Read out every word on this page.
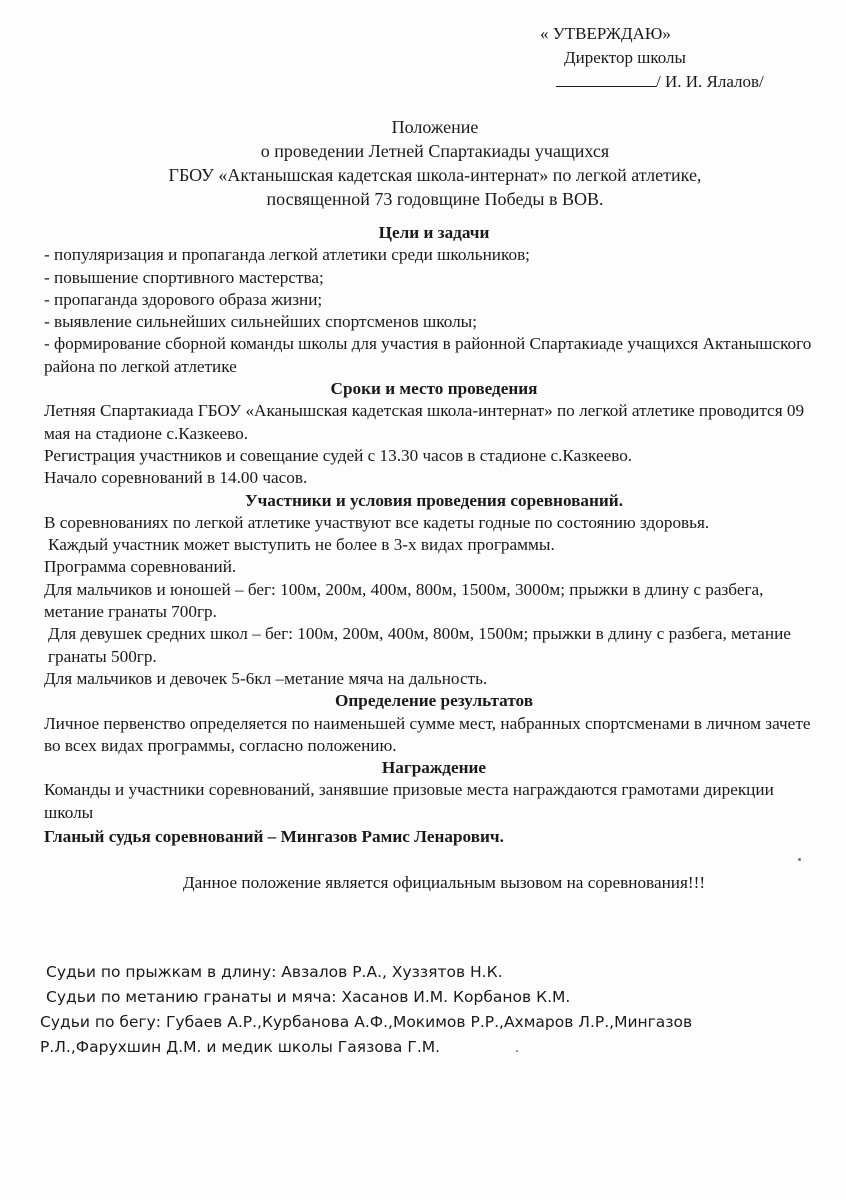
« УТВЕРЖДАЮ»
Директор школы
/ И. И. Ялалов/
Положение
о проведении Летней Спартакиады учащихся
ГБОУ «Актанышская кадетская школа-интернат» по легкой атлетике,
посвященной 73 годовщине Победы в ВОВ.
Цели и задачи
- популяризация и пропаганда легкой атлетики среди школьников;
- повышение спортивного мастерства;
- пропаганда здорового образа жизни;
- выявление сильнейших сильнейших спортсменов школы;
- формирование сборной команды школы для участия в районной Спартакиаде учащихся Актанышского района по легкой атлетике
Сроки и место проведения
Летняя Спартакиада ГБОУ «Аканышская кадетская школа-интернат» по легкой атлетике проводится 09 мая на стадионе с.Казкеево.
Регистрация участников и совещание судей с 13.30 часов в стадионе с.Казкеево.
Начало соревнований в 14.00 часов.
Участники и условия проведения соревнований.
В соревнованиях по легкой атлетике участвуют все кадеты годные по состоянию здоровья.
Каждый участник может выступить не более в 3-х видах программы.
Программа соревнований.
Для мальчиков и юношей – бег: 100м, 200м, 400м, 800м, 1500м, 3000м; прыжки в длину с разбега, метание гранаты 700гр.
Для девушек средних школ – бег: 100м, 200м, 400м, 800м, 1500м; прыжки в длину с разбега, метание гранаты 500гр.
Для мальчиков и девочек 5-6кл –метание мяча на дальность.
Определение результатов
Личное первенство определяется по наименьшей сумме мест, набранных спортсменами в личном зачете во всех видах программы, согласно положению.
Награждение
Команды и участники соревнований, занявшие призовые места награждаются грамотами дирекции школы
Гланый судья соревнований – Мингазов Рамис Ленарович.
Данное положение является официальным вызовом на соревнования!!!
Судьи по прыжкам в длину: Авзалов Р.А., Хуззятов Н.К.
Судьи по метанию гранаты и мяча: Хасанов И.М. Корбанов К.М.
Судьи по бегу: Губаев А.Р.,Курбанова А.Ф.,Мокимов Р.Р.,Ахмаров Л.Р.,Мингазов Р.Л.,Фарухшин Д.М. и медик школы Гаязова Г.М.
